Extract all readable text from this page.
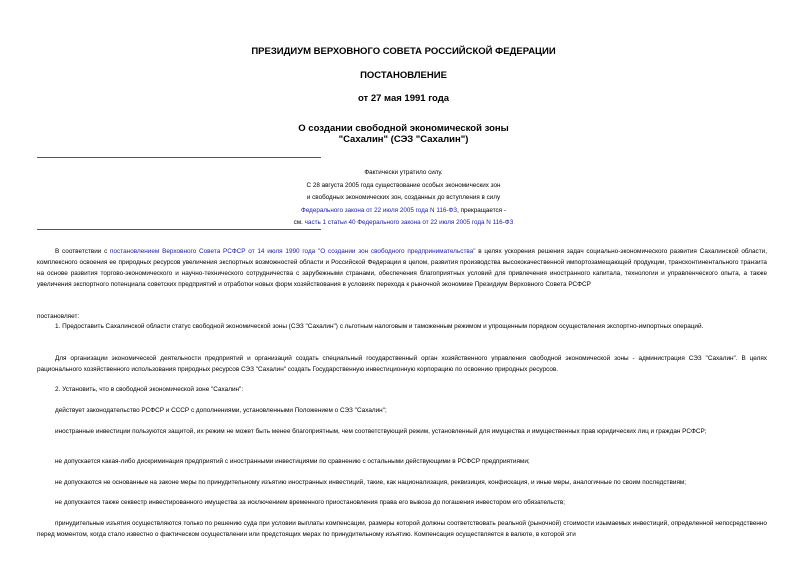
ПРЕЗИДИУМ ВЕРХОВНОГО СОВЕТА РОССИЙСКОЙ ФЕДЕРАЦИИ
ПОСТАНОВЛЕНИЕ
от 27 мая 1991 года
О создании свободной экономической зоны
"Сахалин" (СЭЗ "Сахалин")
Фактически утратило силу.
С 28 августа 2005 года существование особых экономических зон
и свободных экономических зон, созданных до вступления в силу
Федерального закона от 22 июля 2005 года N 116-ФЗ, прекращается -
см. часть 1 статьи 40 Федерального закона от 22 июля 2005 года N 116-ФЗ

В соответствии с постановлением Верховного Совета РСФСР от 14 июля 1990 года "О создании зон свободного предпринимательства" в целях ускорения решения задач социально-экономического развития Сахалинской области, комплексного освоения ее природных ресурсов увеличения экспортных возможностей области и Российской Федерации в целом, развития производства высококачественной импортозамещающей продукции, трансконтинентального транзита на основе развития торгово-экономического и научно-технического сотрудничества с зарубежными странами, обеспечения благоприятных условий для привлечения иностранного капитала, технологии и управленческого опыта, а также увеличения экспортного потенциала советских предприятий и отработки новых форм хозяйствования в условиях перехода к рыночной экономике Президиум Верховного Совета РСФСР

постановляет:

1. Предоставить Сахалинской области статус свободной экономической зоны (СЭЗ "Сахалин") с льготным налоговым и таможенным режимом и упрощенным порядком осуществления экспортно-импортных операций.

Для организации экономической деятельности предприятий и организаций создать специальный государственный орган хозяйственного управления свободной экономической зоны - администрация СЭЗ "Сахалин". В целях рационального хозяйственного использования природных ресурсов СЭЗ "Сахалин" создать Государственную инвестиционную корпорацию по освоению природных ресурсов.

2. Установить, что в свободной экономической зоне "Сахалин":

действует законодательство РСФСР и СССР с дополнениями, установленными Положением о СЭЗ "Сахалин";

иностранные инвестиции пользуются защитой, их режим не может быть менее благоприятным, чем соответствующий режим, установленный для имущества и имущественных прав юридических лиц и граждан РСФСР;

не допускается какая-либо дискриминация предприятий с иностранными инвестициями по сравнению с остальными действующими в РСФСР предприятиями;

не допускаются не основанные на законе меры по принудительному изъятию иностранных инвестиций, такие, как национализация, реквизиция, конфискация, и иные меры, аналогичные по своим последствиям;

не допускается также секвестр инвестированного имущества за исключением временного приостановления права его вывоза до погашения инвестором его обязательств;

принудительные изъятия осуществляются только по решению суда при условии выплаты компенсации, размеры которой должны соответствовать реальной (рыночной) стоимости изымаемых инвестиций, определенной непосредственно перед моментом, когда стало известно о фактическом осуществлении или предстоящих мерах по принудительному изъятию. Компенсация осуществляется в валюте, в которой эти
